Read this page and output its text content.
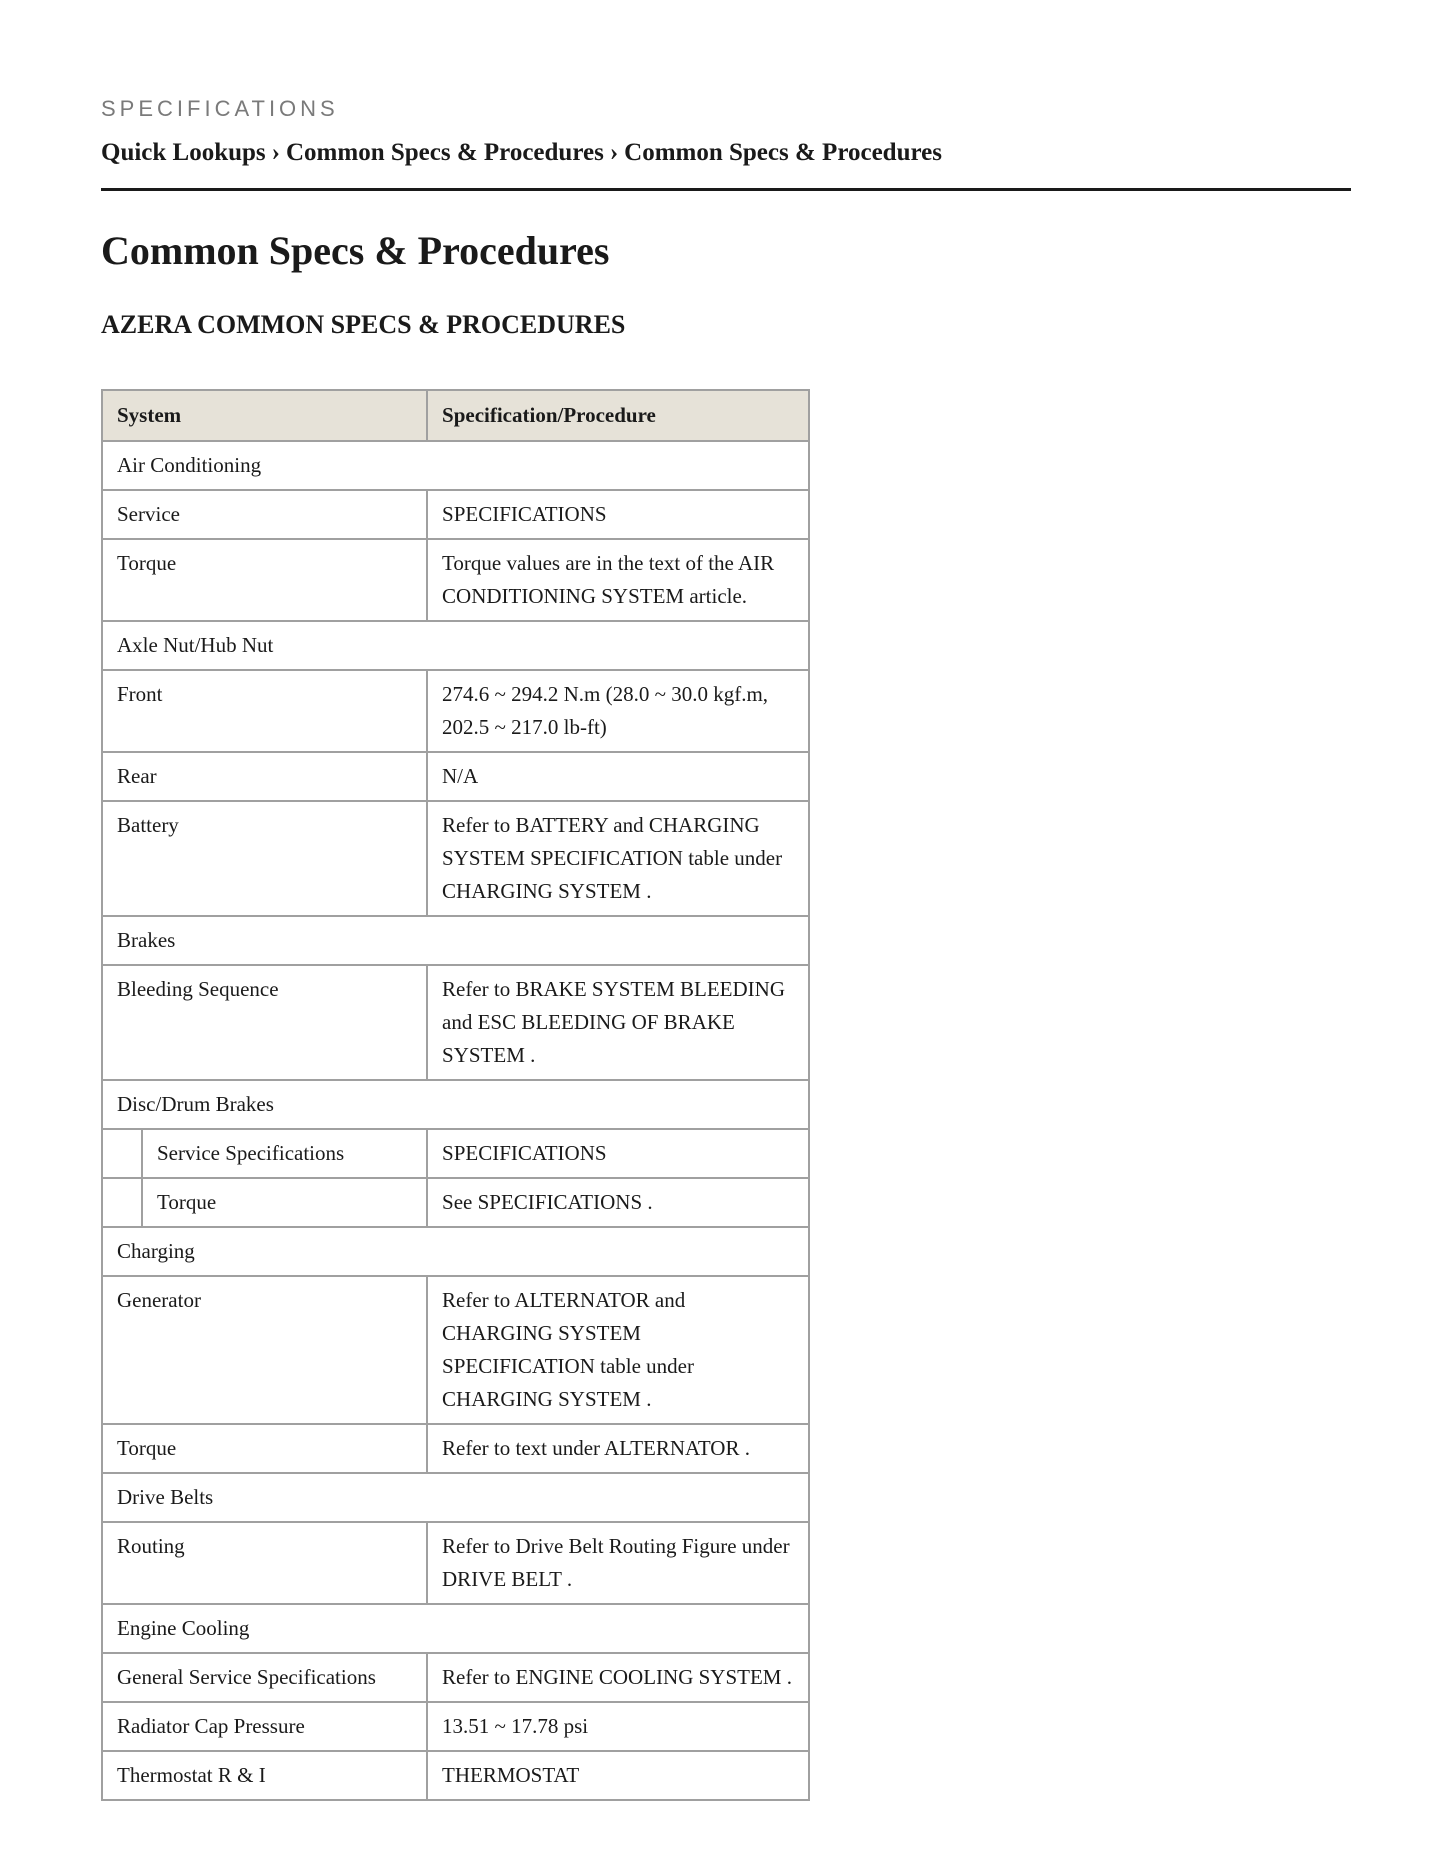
SPECIFICATIONS
Quick Lookups › Common Specs & Procedures › Common Specs & Procedures
Common Specs & Procedures
AZERA COMMON SPECS & PROCEDURES
System		Specification/Procedure
Air Conditioning		
Service		SPECIFICATIONS
Torque		Torque values are in the text of the AIR CONDITIONING SYSTEM article.
Axle Nut/Hub Nut		
Front		274.6 ~ 294.2 N.m (28.0 ~ 30.0 kgf.m, 202.5 ~ 217.0 lb-ft)
Rear		N/A
Battery		Refer to BATTERY and CHARGING SYSTEM SPECIFICATION table under CHARGING SYSTEM .
Brakes		
Bleeding Sequence		Refer to BRAKE SYSTEM BLEEDING and ESC BLEEDING OF BRAKE SYSTEM .
Disc/Drum Brakes		
	Service Specifications	SPECIFICATIONS
	Torque	See SPECIFICATIONS .
Charging		
Generator		Refer to ALTERNATOR and CHARGING SYSTEM SPECIFICATION table under CHARGING SYSTEM .
Torque		Refer to text under ALTERNATOR .
Drive Belts		
Routing		Refer to Drive Belt Routing Figure under DRIVE BELT .
Engine Cooling		
General Service Specifications		Refer to ENGINE COOLING SYSTEM .
Radiator Cap Pressure		13.51 ~ 17.78 psi
Thermostat R & I		THERMOSTAT
